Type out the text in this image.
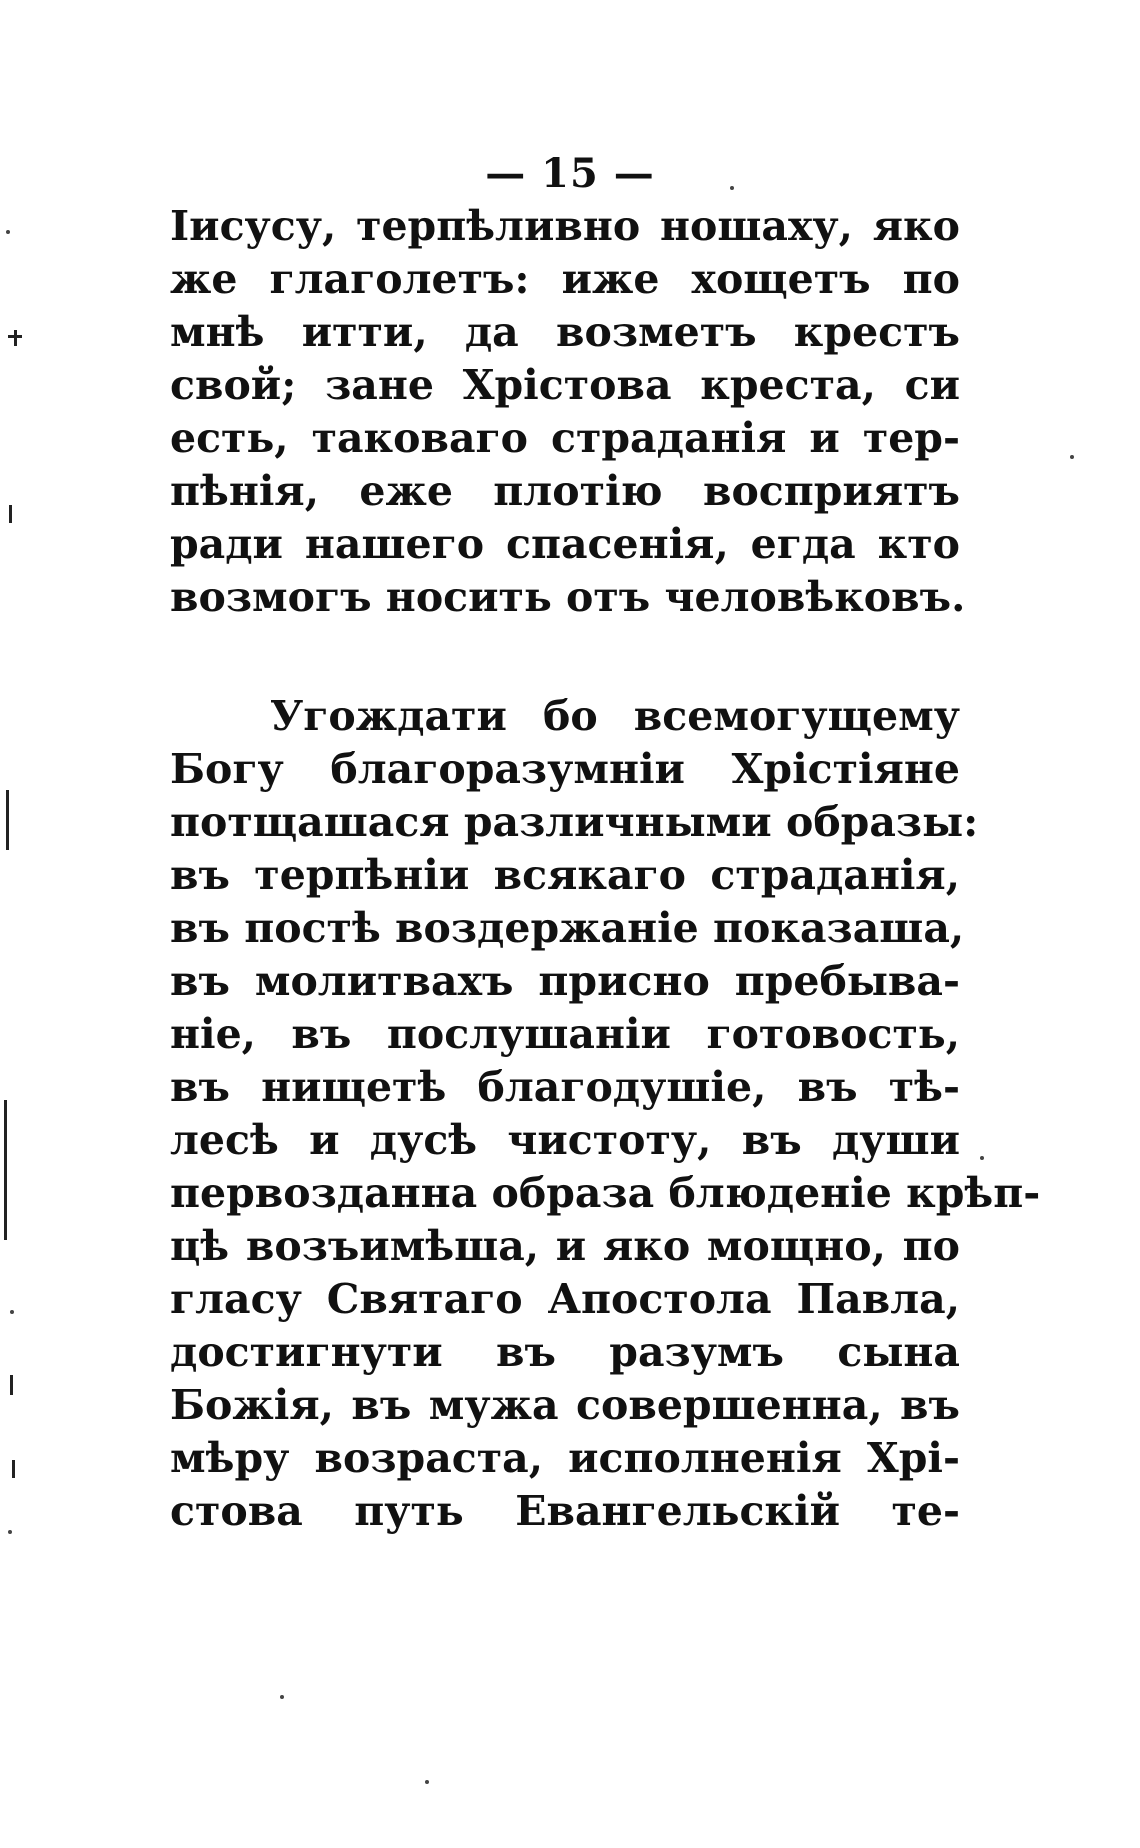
— 15 —
Іисусу, терпѣливно ношаху, яко
же глаголетъ: иже хощетъ по
мнѣ итти, да возметъ крестъ
свой; зане Хрістова креста, си
есть, таковаго страданія и тер-
пѣнія, еже плотію восприятъ
ради нашего спасенія, егда кто
возмогъ носить отъ человѣковъ.
Угождати бо всемогущему
Богу благоразумніи Хрістіяне
потщашася различными образы:
въ терпѣніи всякаго страданія,
въ постѣ воздержаніе показаша,
въ молитвахъ присно пребыва-
ніе, въ послушаніи готовость,
въ нищетѣ благодушіе, въ тѣ-
лесѣ и дусѣ чистоту, въ души
первозданна образа блюденіе крѣп-
цѣ возъимѣша, и яко мощно, по
гласу Святаго Апостола Павла,
достигнути въ разумъ сына
Божія, въ мужа совершенна, въ
мѣру возраста, исполненія Хрі-
стова путь Евангельскій те-
